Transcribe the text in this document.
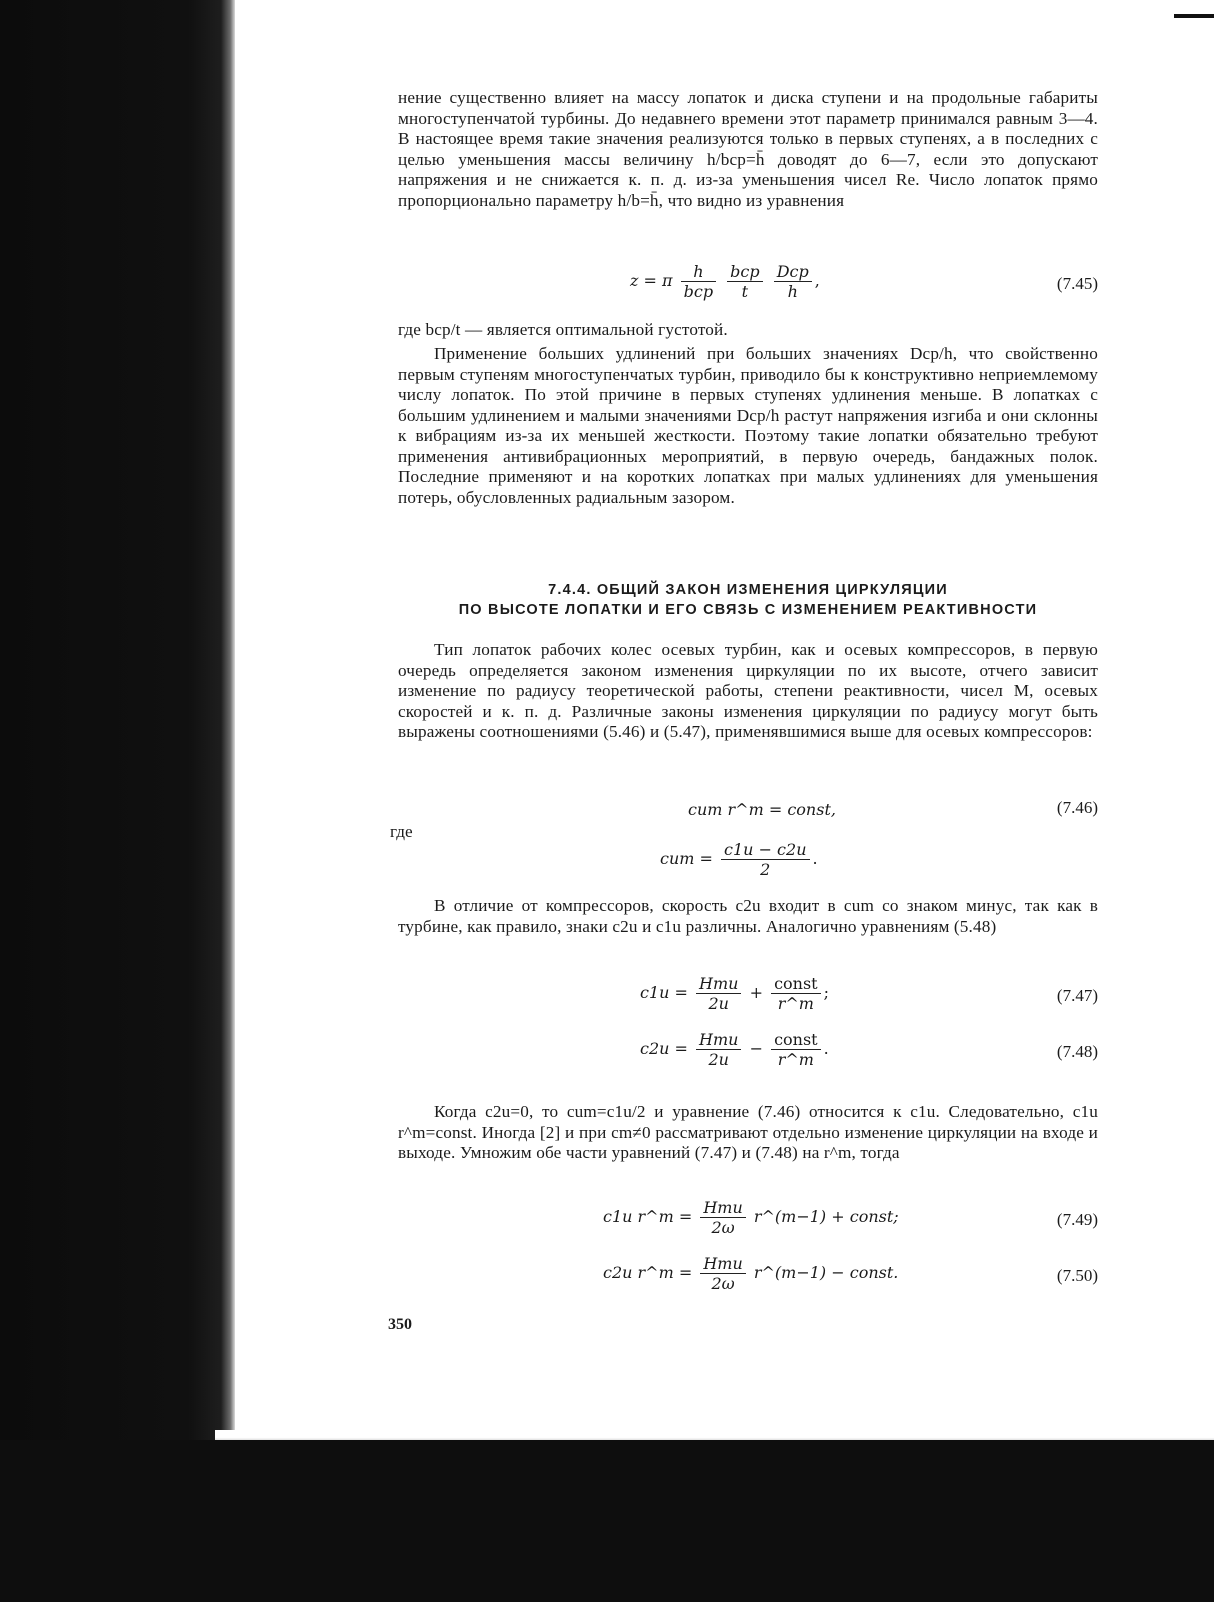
нение существенно влияет на массу лопаток и диска ступени и на продольные габариты многоступенчатой турбины. До недавнего времени этот параметр принимался равным 3—4. В настоящее время такие значения реализуются только в первых ступенях, а в последних с целью уменьшения массы величину h/bср=h̄ доводят до 6—7, если это допускают напряжения и не снижается к. п. д. из-за уменьшения чисел Re. Число лопаток прямо пропорционально параметру h/b=h̄, что видно из уравнения

z = π $\frac{h}{\text{bср}}$
$\frac{\text{bср}}{t}$
$\frac{\text{Dср}}{h}$ ,	(7.45)

где bср/t — является оптимальной густотой.

Применение больших удлинений при больших значениях Dср/h, что свойственно первым ступеням многоступенчатых турбин, приводило бы к конструктивно неприемлемому числу лопаток. По этой причине в первых ступенях удлинения меньше. В лопатках с большим удлинением и малыми значениями Dср/h растут напряжения изгиба и они склонны к вибрациям из-за их меньшей жесткости. Поэтому такие лопатки обязательно требуют применения антивибрационных мероприятий, в первую очередь, бандажных полок. Последние применяют и на коротких лопатках при малых удлинениях для уменьшения потерь, обусловленных радиальным зазором.

7.4.4. ОБЩИЙ ЗАКОН ИЗМЕНЕНИЯ ЦИРКУЛЯЦИИ

ПО ВЫСОТЕ ЛОПАТКИ И ЕГО СВЯЗЬ С ИЗМЕНЕНИЕМ РЕАКТИВНОСТИ

Тип лопаток рабочих колес осевых турбин, как и осевых компрессоров, в первую очередь определяется законом изменения циркуляции по их высоте, отчего зависит изменение по радиусу теоретической работы, степени реактивности, чисел М, осевых скоростей и к. п. д. Различные законы изменения циркуляции по радиусу могут быть выражены соотношениями (5.46) и (5.47), применявшимися выше для осевых компрессоров:

cum r^m = const,	(7.46)
где
cum = $\frac{c1u - c2u}{2}$ .

В отличие от компрессоров, скорость c2u входит в cum со знаком минус, так как в турбине, как правило, знаки c2u и c1u различны. Аналогично уравнениям (5.48)

$c1u = \frac{\text{Hтu}}{2u} + \frac{\text{const}}{r\^{}m}$ ;	(7.47)
$c2u = \frac{\text{Hтu}}{2u} - \frac{\text{const}}{r\^{}m}$ .	(7.48)

Когда c2u=0, то cum=c1u/2 и уравнение (7.46) относится к c1u. Следовательно, c1u r^m=const. Иногда [2] и при cm≠0 рассматривают отдельно изменение циркуляции на входе и выходе. Умножим обе части уравнений (7.47) и (7.48) на r^m, тогда

c1u r^m = $\frac{\text{Hтu}}{2\omega}$ r^(m−1) + const;	(7.49)
c2u r^m = $\frac{\text{Hтu}}{2\omega}$ r^(m−1) − const.	(7.50)
350
